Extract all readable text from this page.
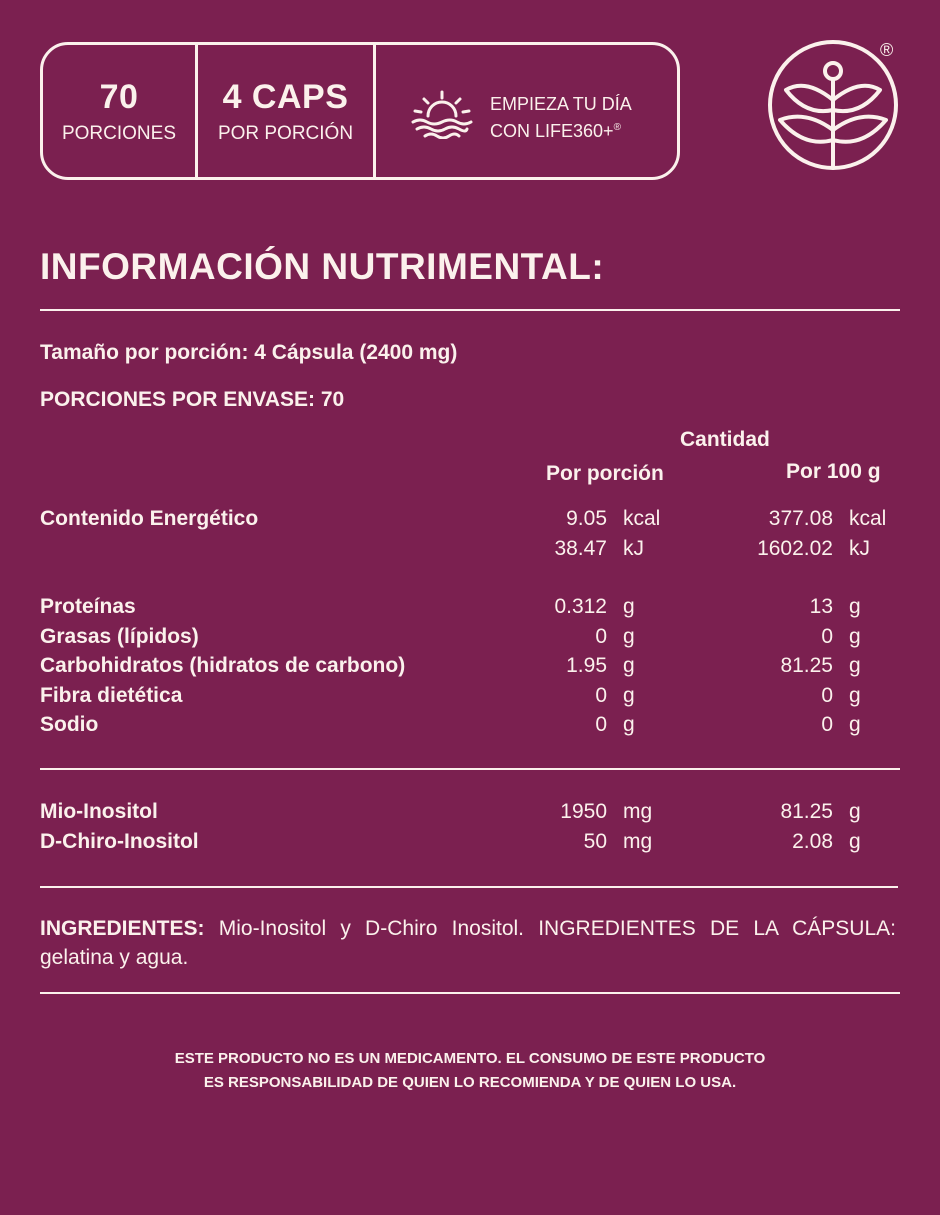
70
PORCIONES
4 CAPS
POR PORCIÓN
EMPIEZA TU DÍA
CON LIFE360+®
®
INFORMACIÓN NUTRIMENTAL:
Tamaño por porción: 4 Cápsula (2400 mg)
PORCIONES POR ENVASE: 70
Cantidad
Por porción	Por 100 g
Contenido Energético	9.05 kcal	377.08 kcal
38.47 kJ	1602.02 kJ
Proteínas	0.312 g	13 g
Grasas (lípidos)	0 g	0 g
Carbohidratos (hidratos de carbono)	1.95 g	81.25 g
Fibra dietética	0 g	0 g
Sodio	0 g	0 g
Mio-Inositol	1950 mg	81.25 g
D-Chiro-Inositol	50 mg	2.08 g
INGREDIENTES: Mio-Inositol y D-Chiro Inositol. INGREDIENTES DE LA CÁPSULA: gelatina y agua.
ESTE PRODUCTO NO ES UN MEDICAMENTO. EL CONSUMO DE ESTE PRODUCTO
ES RESPONSABILIDAD DE QUIEN LO RECOMIENDA Y DE QUIEN LO USA.
